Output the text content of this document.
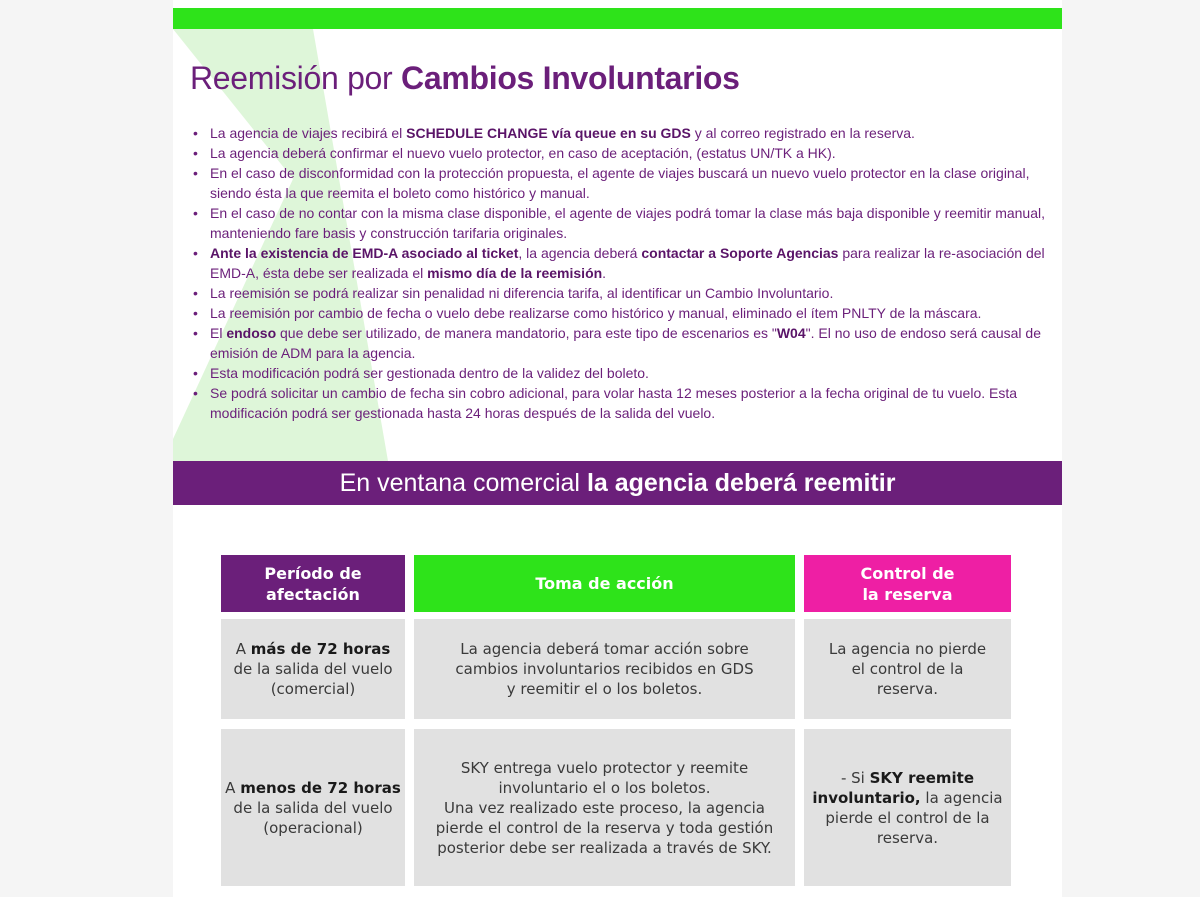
Reemisión por Cambios Involuntarios
• La agencia de viajes recibirá el SCHEDULE CHANGE vía queue en su GDS y al correo registrado en la reserva.
• La agencia deberá confirmar el nuevo vuelo protector, en caso de aceptación, (estatus UN/TK a HK).
• En el caso de disconformidad con la protección propuesta, el agente de viajes buscará un nuevo vuelo protector en la clase original, siendo ésta la que reemita el boleto como histórico y manual.
• En el caso de no contar con la misma clase disponible, el agente de viajes podrá tomar la clase más baja disponible y reemitir manual, manteniendo fare basis y construcción tarifaria originales.
• Ante la existencia de EMD-A asociado al ticket, la agencia deberá contactar a Soporte Agencias para realizar la re-asociación del EMD-A, ésta debe ser realizada el mismo día de la reemisión.
• La reemisión se podrá realizar sin penalidad ni diferencia tarifa, al identificar un Cambio Involuntario.
• La reemisión por cambio de fecha o vuelo debe realizarse como histórico y manual, eliminado el ítem PNLTY de la máscara.
• El endoso que debe ser utilizado, de manera mandatorio, para este tipo de escenarios es "W04". El no uso de endoso será causal de emisión de ADM para la agencia.
• Esta modificación podrá ser gestionada dentro de la validez del boleto.
• Se podrá solicitar un cambio de fecha sin cobro adicional, para volar hasta 12 meses posterior a la fecha original de tu vuelo. Esta modificación podrá ser gestionada hasta 24 horas después de la salida del vuelo.
En ventana comercial la agencia deberá reemitir
Período de
afectación
Toma de acción
Control de
la reserva
A más de 72 horas
de la salida del vuelo
(comercial)
La agencia deberá tomar acción sobre
cambios involuntarios recibidos en GDS
y reemitir el o los boletos.
La agencia no pierde
el control de la
reserva.
A menos de 72 horas
de la salida del vuelo
(operacional)
SKY entrega vuelo protector y reemite
involuntario el o los boletos.
Una vez realizado este proceso, la agencia
pierde el control de la reserva y toda gestión
posterior debe ser realizada a través de SKY.
- Si SKY reemite
involuntario, la agencia
pierde el control de la
reserva.
